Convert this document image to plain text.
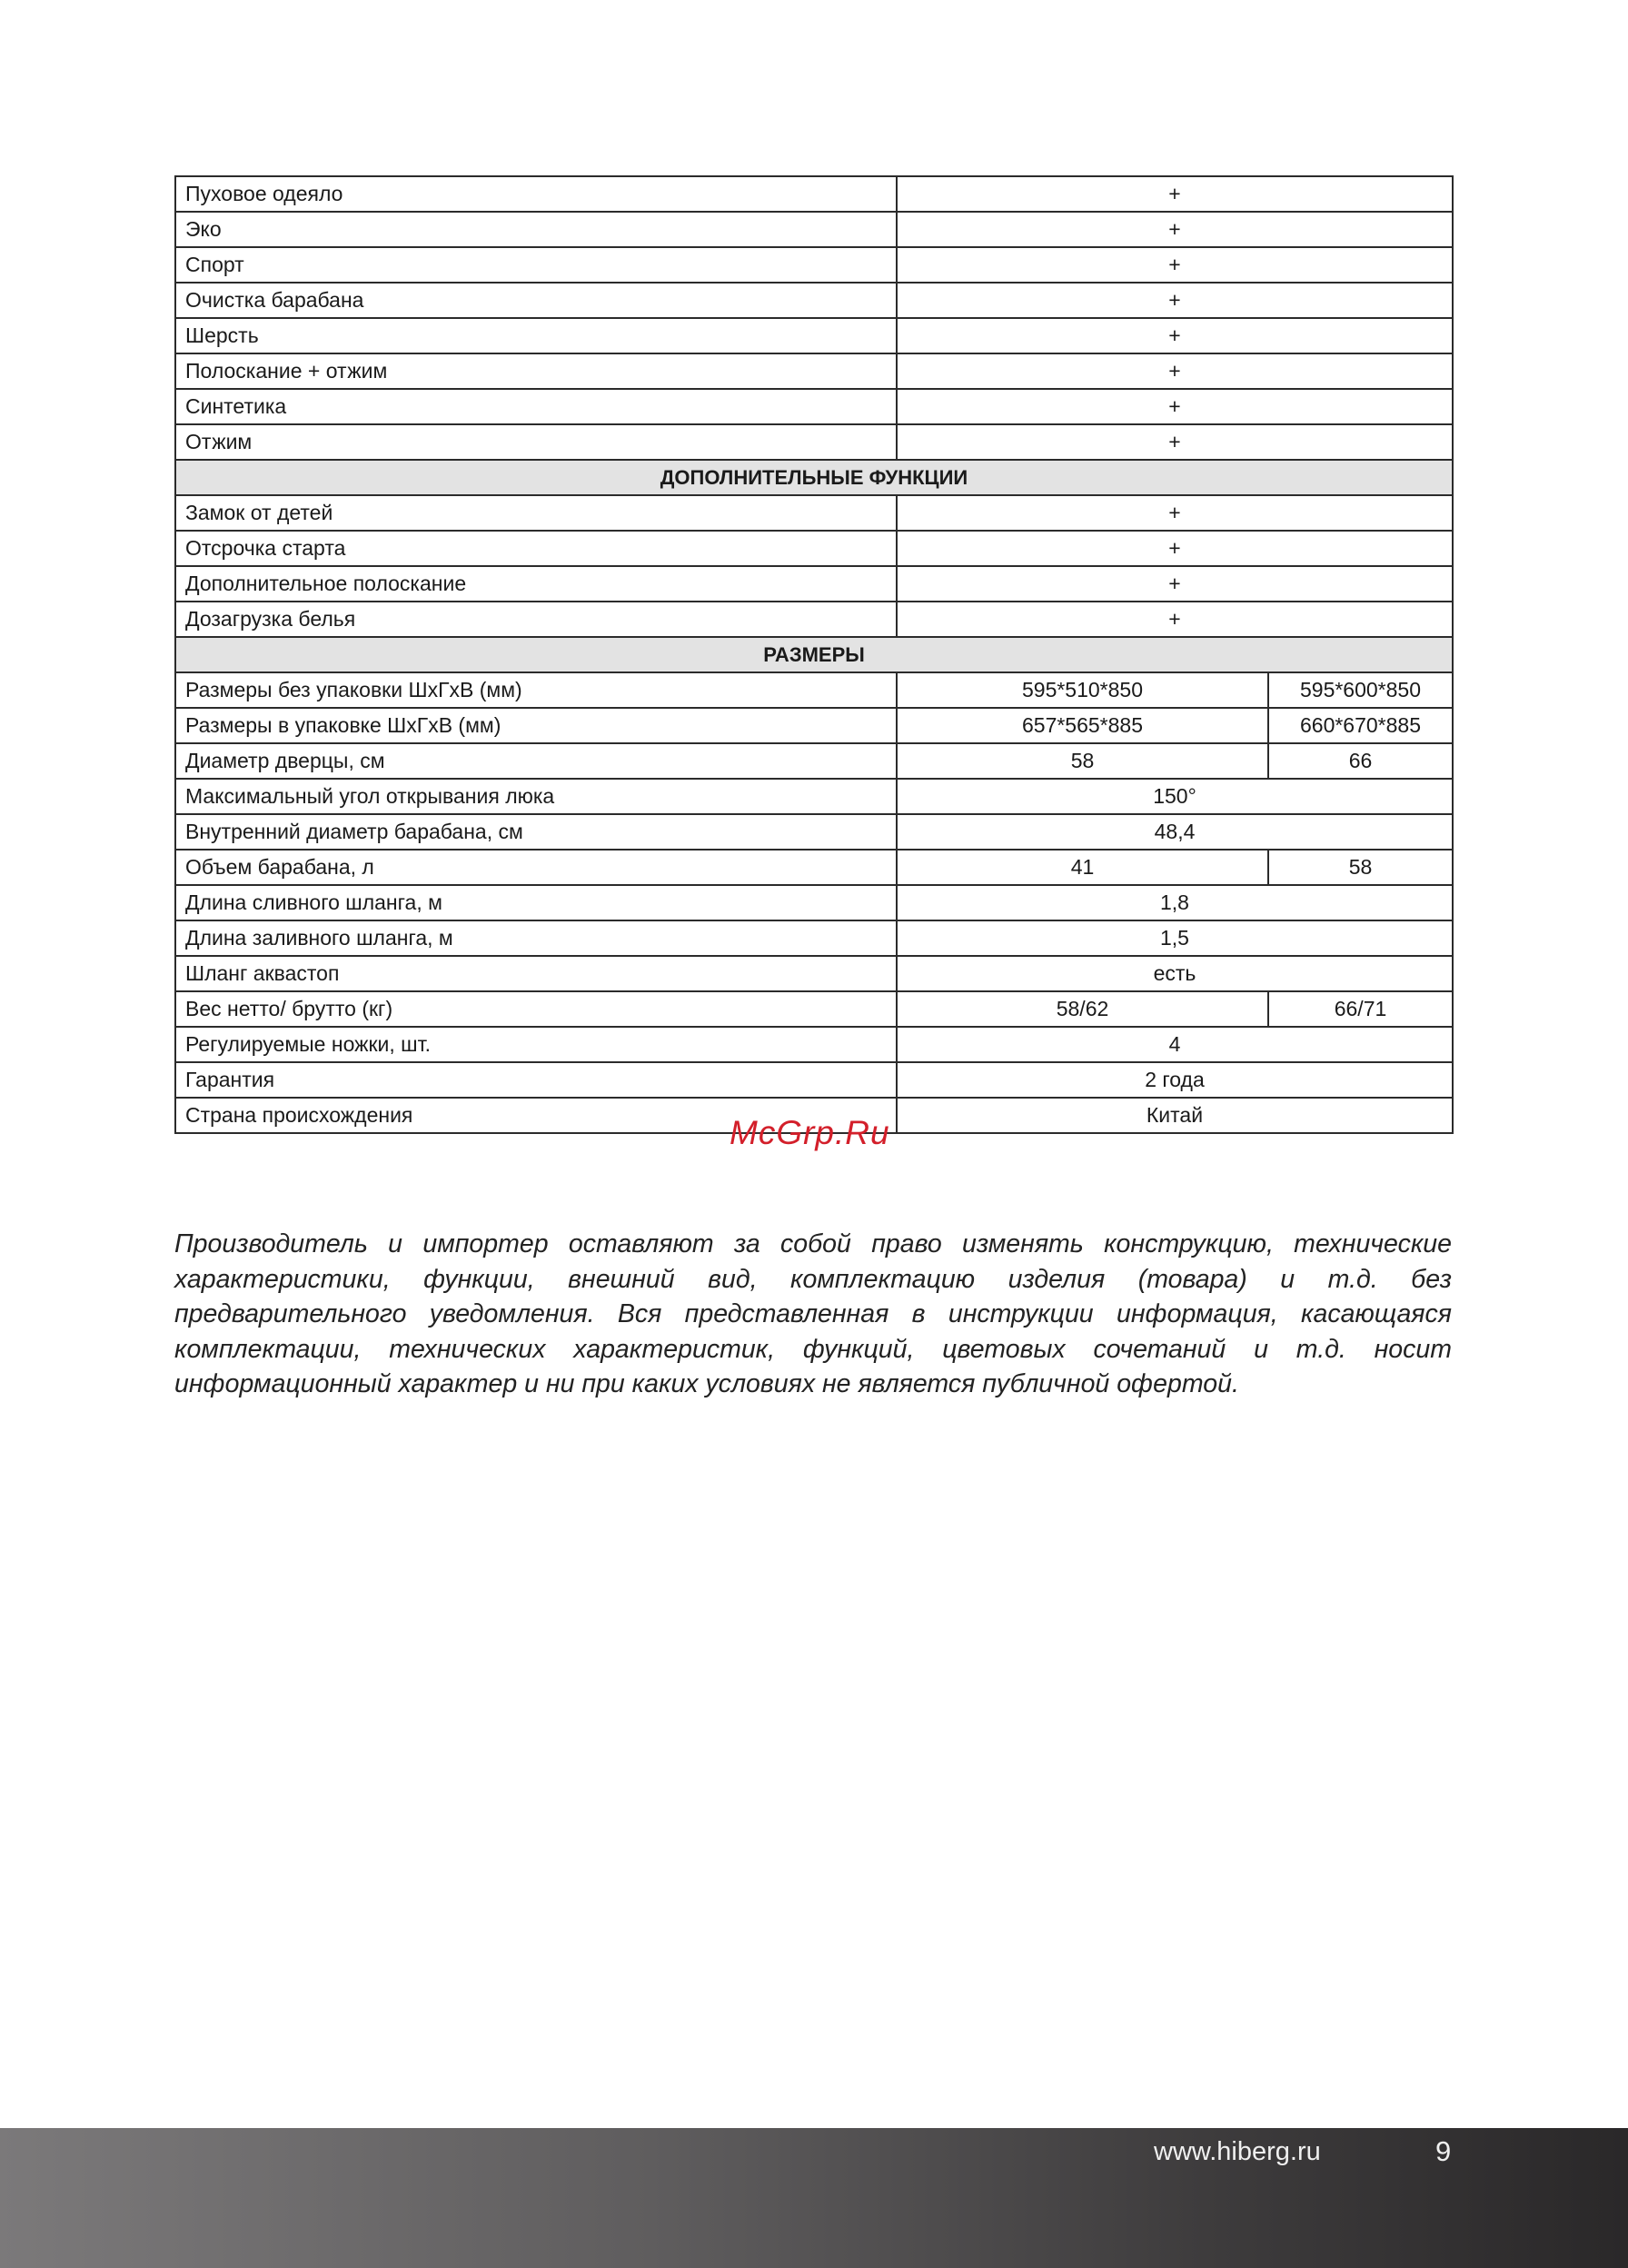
Пуховое одеяло	+	
Эко	+	
Спорт	+	
Очистка барабана	+	
Шерсть	+	
Полоскание + отжим	+	
Синтетика	+	
Отжим	+	
ДОПОЛНИТЕЛЬНЫЕ ФУНКЦИИ		
Замок от детей	+	
Отсрочка старта	+	
Дополнительное полоскание	+	
Дозагрузка белья	+	
РАЗМЕРЫ		
Размеры без упаковки ШхГхВ (мм)	595*510*850	595*600*850
Размеры в упаковке ШхГхВ (мм)	657*565*885	660*670*885
Диаметр дверцы, см	58	66
Максимальный угол открывания люка	150°	
Внутренний диаметр барабана, см	48,4	
Объем барабана, л	41	58
Длина сливного шланга, м	1,8	
Длина заливного шланга, м	1,5	
Шланг аквастоп	есть	
Вес нетто/ брутто (кг)	58/62	66/71
Регулируемые ножки, шт.	4	
Гарантия	2 года	
Страна происхождения	Китай	
McGrp.Ru
Производитель и импортер оставляют за собой право изменять конструкцию, технические характеристики, функции, внешний вид, комплектацию изделия (товара) и т.д. без предварительного уведомления. Вся представленная в инструкции информация, касающаяся комплектации, технических характеристик, функций, цветовых сочетаний и т.д. носит информационный характер и ни при каких условиях не является публичной офертой.
www.hiberg.ru	9
